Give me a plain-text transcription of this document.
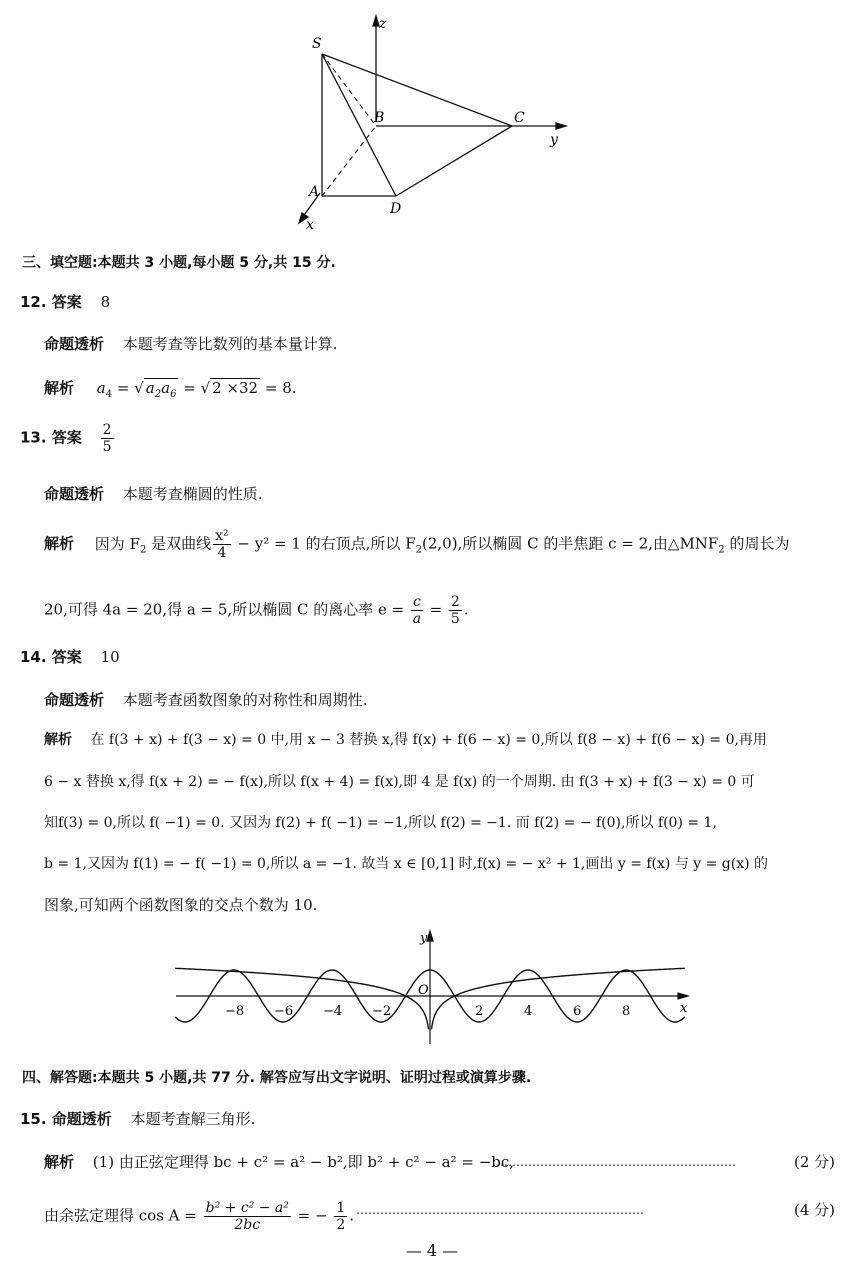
S
B	C
A
D
x
y
z
三、填空题:本题共 3 小题,每小题 5 分,共 15 分.
12. 答案 8
命题透析 本题考查等比数列的基本量计算.
解析 $a_4$ = √ $a_2a_6$ = √ 2 ×32 = 8.
13. 答案 $\frac{2}{5}$
命题透析 本题考查椭圆的性质.
解析 因为 $F_2$ 是双曲线 $\frac{\text{x²}}{4} - y^2 = 1$ 的右顶点,所以 $F_2(2,0)$,所以椭圆 C 的半焦距 c = 2,由$\triangle MNF_2$ 的周长为
20,可得 4a = 20,得 a = 5,所以椭圆 C 的离心率 $e = \frac{c}{a} = \frac{2}{5}$ .
14. 答案 10
命题透析 本题考查函数图象的对称性和周期性.
解析 在 f(3 + x) + f(3 − x) = 0 中,用 x − 3 替换 x,得 f(x) + f(6 − x) = 0,所以 f(8 − x) + f(6 − x) = 0,再用
6 − x 替换 x,得 f(x + 2) = − f(x),所以 f(x + 4) = f(x),即 4 是 f(x) 的一个周期. 由 f(3 + x) + f(3 − x) = 0 可
知f(3) = 0,所以 f( −1) = 0. 又因为 f(2) + f( −1) = −1,所以 f(2) = −1. 而 f(2) = − f(0),所以 f(0) = 1,
b = 1,又因为 f(1) = − f( −1) = 0,所以 a = −1. 故当 x ∈ [0,1] 时,f(x) = − x² + 1,画出 y = f(x) 与 y = g(x) 的
图象,可知两个函数图象的交点个数为 10.
−8 −6 −4 −2	2	4	6	8	x
y
O
四、解答题:本题共 5 小题,共 77 分. 解答应写出文字说明、证明过程或演算步骤.
15. 命题透析 本题考查解三角形.
解析 (1) 由正弦定理得 bc + c² = a² − b²,即 b² + c² − a² = −bc,
……………………………………………………	(2 分)
由余弦定理得 $\cos A = \frac{\text{b² + c² − a²}}{2bc}$ = − $\frac{1}{2}$ . ………………………………………………………………	(4 分)
— 4 —
